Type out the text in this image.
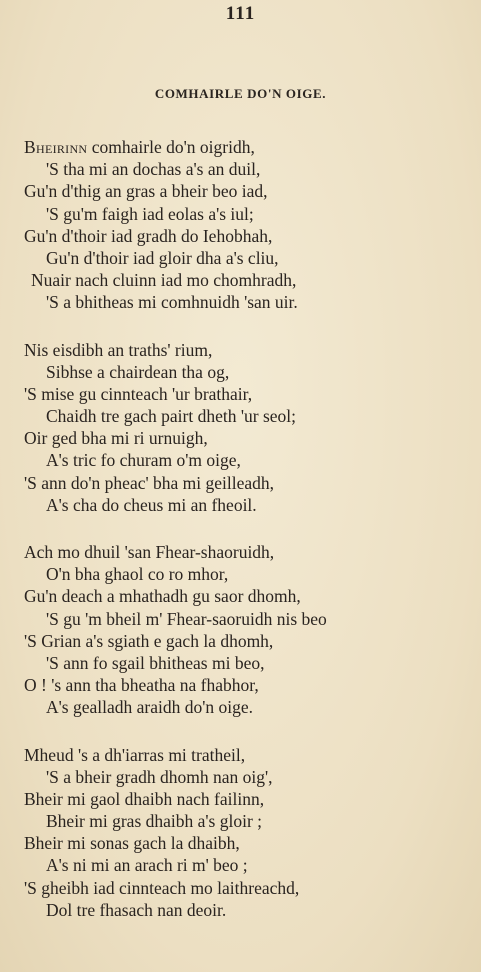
111
COMHAIRLE DO'N OIGE.
Bheirinn comhairle do'n oigridh,
'S tha mi an dochas a's an duil,
Gu'n d'thig an gras a bheir beo iad,
'S gu'm faigh iad eolas a's iul;
Gu'n d'thoir iad gradh do Iehobhah,
Gu'n d'thoir iad gloir dha a's cliu,
Nuair nach cluinn iad mo chomhradh,
'S a bhitheas mi comhnuidh 'san uir.
Nis eisdibh an traths' rium,
Sibhse a chairdean tha og,
'S mise gu cinnteach 'ur brathair,
Chaidh tre gach pairt dheth 'ur seol;
Oir ged bha mi ri urnuigh,
A's tric fo churam o'm oige,
'S ann do'n pheac' bha mi geilleadh,
A's cha do cheus mi an fheoil.
Ach mo dhuil 'san Fhear-shaoruidh,
O'n bha ghaol co ro mhor,
Gu'n deach a mhathadh gu saor dhomh,
'S gu 'm bheil m' Fhear-saoruidh nis beo
'S Grian a's sgiath e gach la dhomh,
'S ann fo sgail bhitheas mi beo,
O ! 's ann tha bheatha na fhabhor,
A's gealladh araidh do'n oige.
Mheud 's a dh'iarras mi tratheil,
'S a bheir gradh dhomh nan oig',
Bheir mi gaol dhaibh nach failinn,
Bheir mi gras dhaibh a's gloir ;
Bheir mi sonas gach la dhaibh,
A's ni mi an arach ri m' beo ;
'S gheibh iad cinnteach mo laithreachd,
Dol tre fhasach nan deoir.
